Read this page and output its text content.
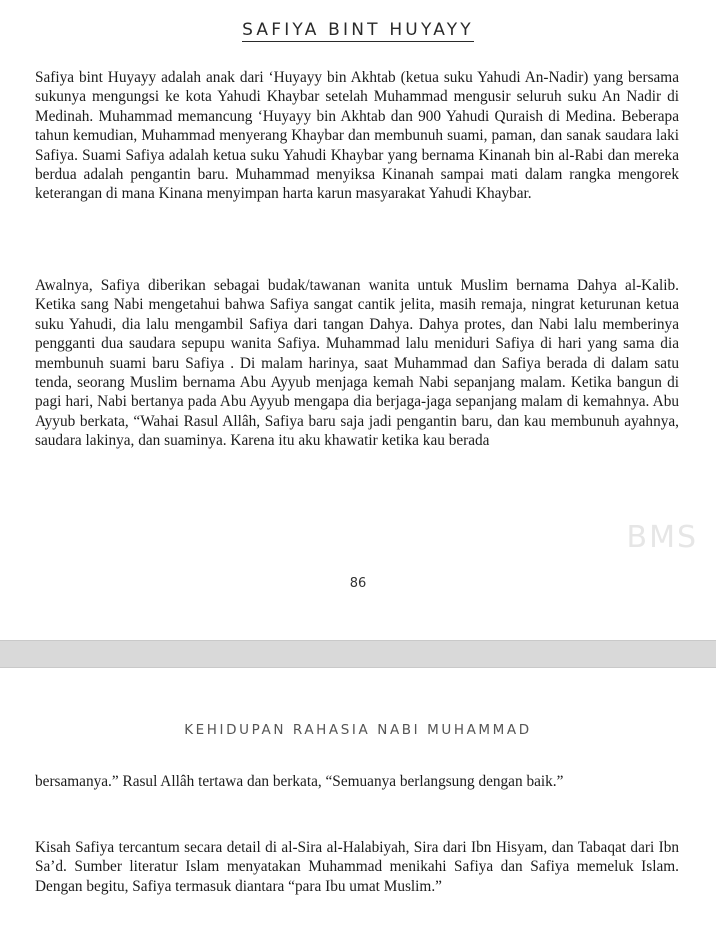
SAFIYA BINT HUYAYY

Safiya bint Huyayy adalah anak dari ‘Huyayy bin Akhtab (ketua suku Yahudi An-Nadir) yang bersama sukunya mengungsi ke kota Yahudi Khaybar setelah Muhammad mengusir seluruh suku An Nadir di Medinah. Muhammad memancung ‘Huyayy bin Akhtab dan 900 Yahudi Quraish di Medina. Beberapa tahun kemudian, Muhammad menyerang Khaybar dan membunuh suami, paman, dan sanak saudara laki Safiya. Suami Safiya adalah ketua suku Yahudi Khaybar yang bernama Kinanah bin al-Rabi dan mereka berdua adalah pengantin baru. Muhammad menyiksa Kinanah sampai mati dalam rangka mengorek keterangan di mana Kinana menyimpan harta karun masyarakat Yahudi Khaybar.

Awalnya, Safiya diberikan sebagai budak/tawanan wanita untuk Muslim bernama Dahya al-Kalib. Ketika sang Nabi mengetahui bahwa Safiya sangat cantik jelita, masih remaja, ningrat keturunan ketua suku Yahudi, dia lalu mengambil Safiya dari tangan Dahya. Dahya protes, dan Nabi lalu memberinya pengganti dua saudara sepupu wanita Safiya. Muhammad lalu meniduri Safiya di hari yang sama dia membunuh suami baru Safiya . Di malam harinya, saat Muhammad dan Safiya berada di dalam satu tenda, seorang Muslim bernama Abu Ayyub menjaga kemah Nabi sepanjang malam. Ketika bangun di pagi hari, Nabi bertanya pada Abu Ayyub mengapa dia berjaga-jaga sepanjang malam di kemahnya. Abu Ayyub berkata, “Wahai Rasul Allâh, Safiya baru saja jadi pengantin baru, dan kau membunuh ayahnya, saudara lakinya, dan suaminya. Karena itu aku khawatir ketika kau berada

BMS
86
KEHIDUPAN RAHASIA NABI MUHAMMAD

bersamanya.” Rasul Allâh tertawa dan berkata, “Semuanya berlangsung dengan baik.”

Kisah Safiya tercantum secara detail di al-Sira al-Halabiyah, Sira dari Ibn Hisyam, dan Tabaqat dari Ibn Sa’d. Sumber literatur Islam menyatakan Muhammad menikahi Safiya dan Safiya memeluk Islam. Dengan begitu, Safiya termasuk diantara “para Ibu umat Muslim.”
